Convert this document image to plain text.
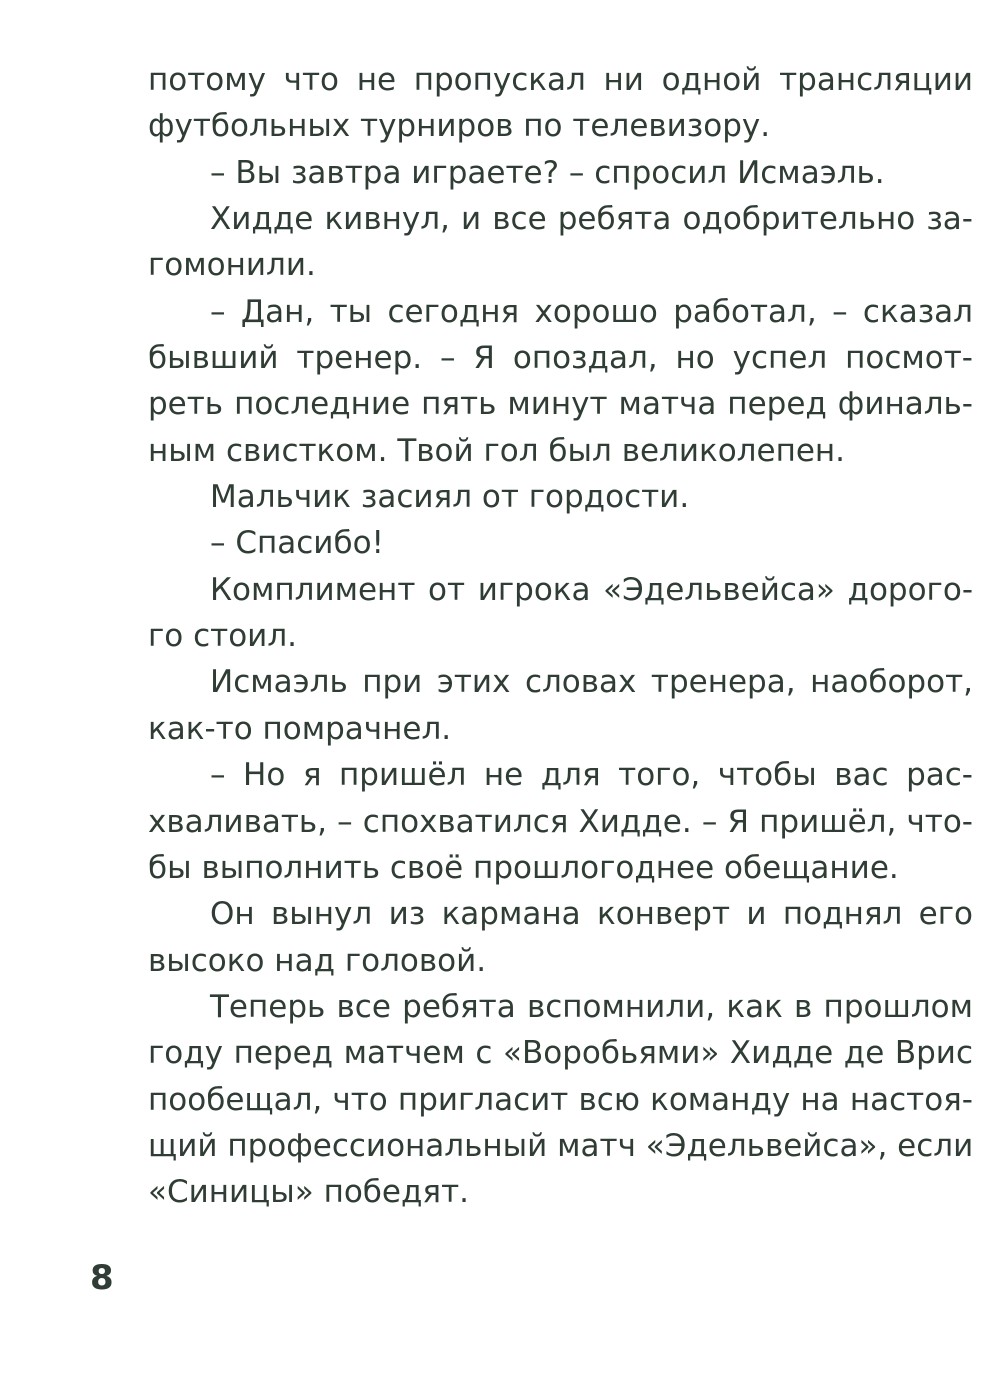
потому что не пропускал ни одной трансляции
футбольных турниров по телевизору.
– Вы завтра играете? – спросил Исмаэль.
Хидде кивнул, и все ребята одобрительно за-
гомонили.
– Дан, ты сегодня хорошо работал, – сказал
бывший тренер. – Я опоздал, но успел посмот-
реть последние пять минут матча перед финаль-
ным свистком. Твой гол был великолепен.
Мальчик засиял от гордости.
– Спасибо!
Комплимент от игрока «Эдельвейса» дорого-
го стоил.
Исмаэль при этих словах тренера, наоборот,
как-то помрачнел.
– Но я пришёл не для того, чтобы вас рас-
хваливать, – спохватился Хидде. – Я пришёл, что-
бы выполнить своё прошлогоднее обещание.
Он вынул из кармана конверт и поднял его
высоко над головой.
Теперь все ребята вспомнили, как в прошлом
году перед матчем с «Воробьями» Хидде де Врис
пообещал, что пригласит всю команду на настоя-
щий профессиональный матч «Эдельвейса», если
«Синицы» победят.
8
